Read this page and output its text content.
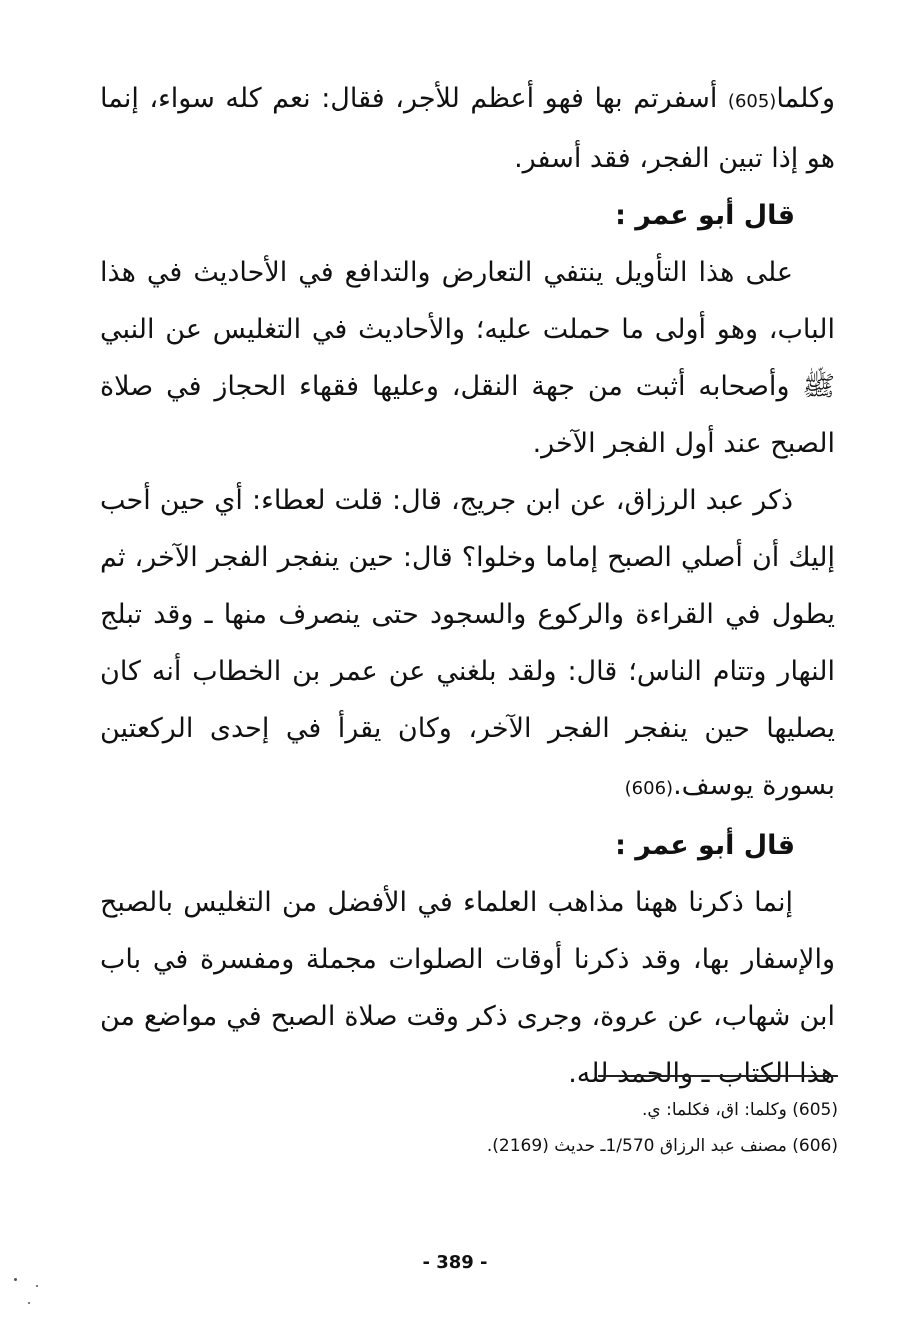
وكلما(605) أسفرتم بها فهو أعظم للأجر، فقال: نعم كله سواء، إنما هو إذا تبين الفجر، فقد أسفر.

قال أبو عمر :

على هذا التأويل ينتفي التعارض والتدافع في الأحاديث في هذا الباب، وهو أولى ما حملت عليه؛ والأحاديث في التغليس عن النبي ﷺ وأصحابه أثبت من جهة النقل، وعليها فقهاء الحجاز في صلاة الصبح عند أول الفجر الآخر.

ذكر عبد الرزاق، عن ابن جريج، قال: قلت لعطاء: أي حين أحب إليك أن أصلي الصبح إماما وخلوا؟ قال: حين ينفجر الفجر الآخر، ثم يطول في القراءة والركوع والسجود حتى ينصرف منها ـ وقد تبلج النهار وتتام الناس؛ قال: ولقد بلغني عن عمر بن الخطاب أنه كان يصليها حين ينفجر الفجر الآخر، وكان يقرأ في إحدى الركعتين بسورة يوسف.(606)

قال أبو عمر :

إنما ذكرنا ههنا مذاهب العلماء في الأفضل من التغليس بالصبح والإسفار بها، وقد ذكرنا أوقات الصلوات مجملة ومفسرة في باب ابن شهاب، عن عروة، وجرى ذكر وقت صلاة الصبح في مواضع من هذا الكتاب ـ والحمد لله.

(605) وكلما: اق، فكلما: ي.
(606) مصنف عبد الرزاق 1/570ـ حديث (2169).
- 389 -
